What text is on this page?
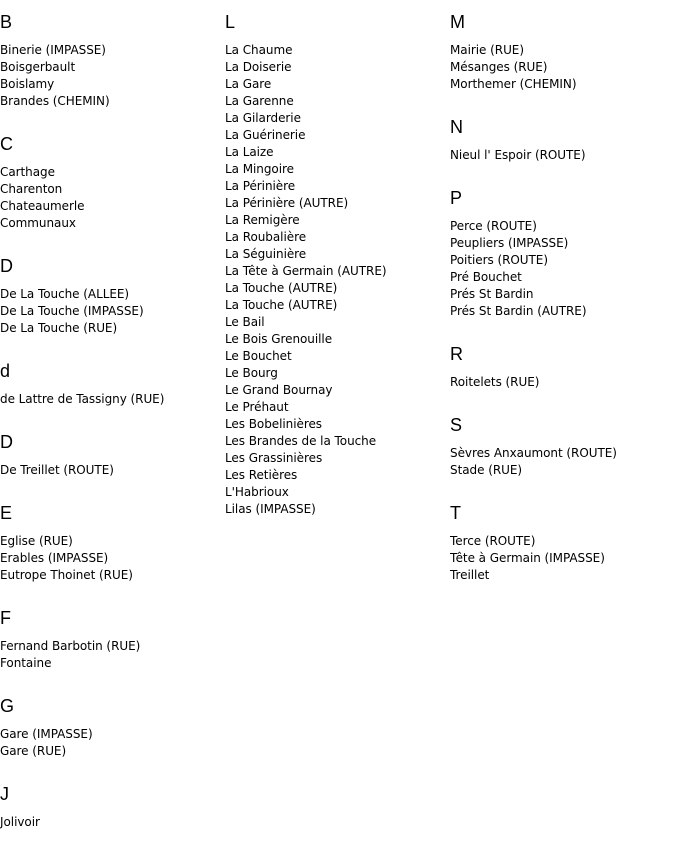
B
Binerie (IMPASSE)
Boisgerbault
Boislamy
Brandes (CHEMIN)
C
Carthage
Charenton
Chateaumerle
Communaux
D
De La Touche (ALLEE)
De La Touche (IMPASSE)
De La Touche (RUE)
d
de Lattre de Tassigny (RUE)
D
De Treillet (ROUTE)
E
Eglise (RUE)
Erables (IMPASSE)
Eutrope Thoinet (RUE)
F
Fernand Barbotin (RUE)
Fontaine
G
Gare (IMPASSE)
Gare (RUE)
J
Jolivoir
L
La Chaume
La Doiserie
La Gare
La Garenne
La Gilarderie
La Guérinerie
La Laize
La Mingoire
La Périnière
La Périnière (AUTRE)
La Remigère
La Roubalière
La Séguinière
La Tête à Germain (AUTRE)
La Touche (AUTRE)
La Touche (AUTRE)
Le Bail
Le Bois Grenouille
Le Bouchet
Le Bourg
Le Grand Bournay
Le Préhaut
Les Bobelinières
Les Brandes de la Touche
Les Grassinières
Les Retières
L'Habrioux
Lilas (IMPASSE)
M
Mairie (RUE)
Mésanges (RUE)
Morthemer (CHEMIN)
N
Nieul l' Espoir (ROUTE)
P
Perce (ROUTE)
Peupliers (IMPASSE)
Poitiers (ROUTE)
Pré Bouchet
Prés St Bardin
Prés St Bardin (AUTRE)
R
Roitelets (RUE)
S
Sèvres Anxaumont (ROUTE)
Stade (RUE)
T
Terce (ROUTE)
Tête à Germain (IMPASSE)
Treillet
